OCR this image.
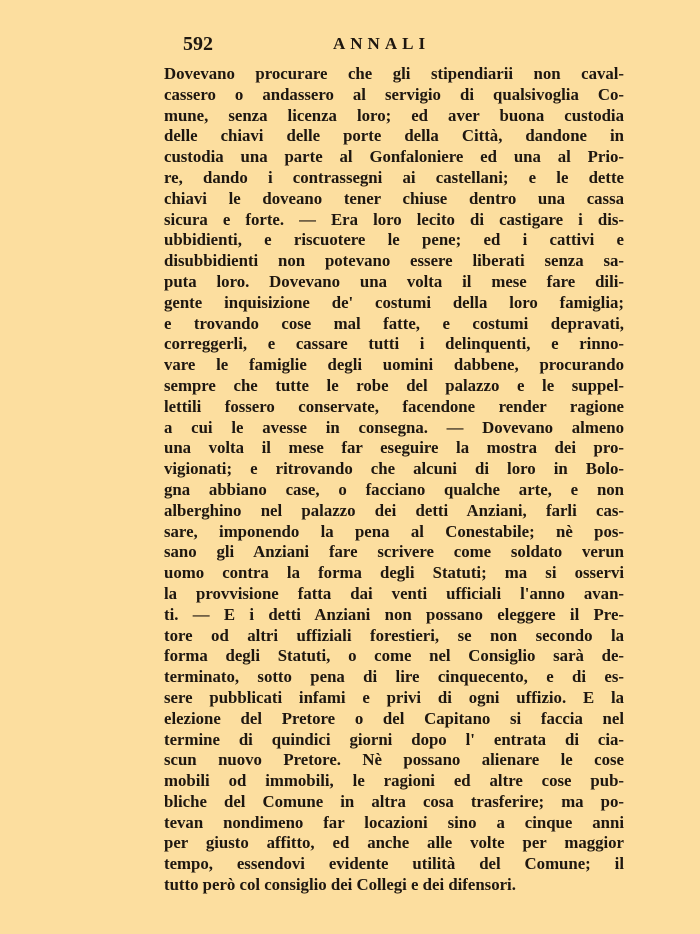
592	ANNALI
Dovevano procurare che gli stipendiarii non caval-
cassero o andassero al servigio di qualsivoglia Co-
mune, senza licenza loro; ed aver buona custodia
delle chiavi delle porte della Città, dandone in
custodia una parte al Gonfaloniere ed una al Prio-
re, dando i contrassegni ai castellani; e le dette
chiavi le doveano tener chiuse dentro una cassa
sicura e forte. — Era loro lecito di castigare i dis-
ubbidienti, e riscuotere le pene; ed i cattivi e
disubbidienti non potevano essere liberati senza sa-
puta loro. Dovevano una volta il mese fare dili-
gente inquisizione de' costumi della loro famiglia;
e trovando cose mal fatte, e costumi depravati,
correggerli, e cassare tutti i delinquenti, e rinno-
vare le famiglie degli uomini dabbene, procurando
sempre che tutte le robe del palazzo e le suppel-
lettili fossero conservate, facendone render ragione
a cui le avesse in consegna. — Dovevano almeno
una volta il mese far eseguire la mostra dei pro-
vigionati; e ritrovando che alcuni di loro in Bolo-
gna abbiano case, o facciano qualche arte, e non
alberghino nel palazzo dei detti Anziani, farli cas-
sare, imponendo la pena al Conestabile; nè pos-
sano gli Anziani fare scrivere come soldato verun
uomo contra la forma degli Statuti; ma si osservi
la provvisione fatta dai venti ufficiali l'anno avan-
ti. — E i detti Anziani non possano eleggere il Pre-
tore od altri uffiziali forestieri, se non secondo la
forma degli Statuti, o come nel Consiglio sarà de-
terminato, sotto pena di lire cinquecento, e di es-
sere pubblicati infami e privi di ogni uffizio. E la
elezione del Pretore o del Capitano si faccia nel
termine di quindici giorni dopo l' entrata di cia-
scun nuovo Pretore. Nè possano alienare le cose
mobili od immobili, le ragioni ed altre cose pub-
bliche del Comune in altra cosa trasferire; ma po-
tevan nondimeno far locazioni sino a cinque anni
per giusto affitto, ed anche alle volte per maggior
tempo, essendovi evidente utilità del Comune; il
tutto però col consiglio dei Collegi e dei difensori.
